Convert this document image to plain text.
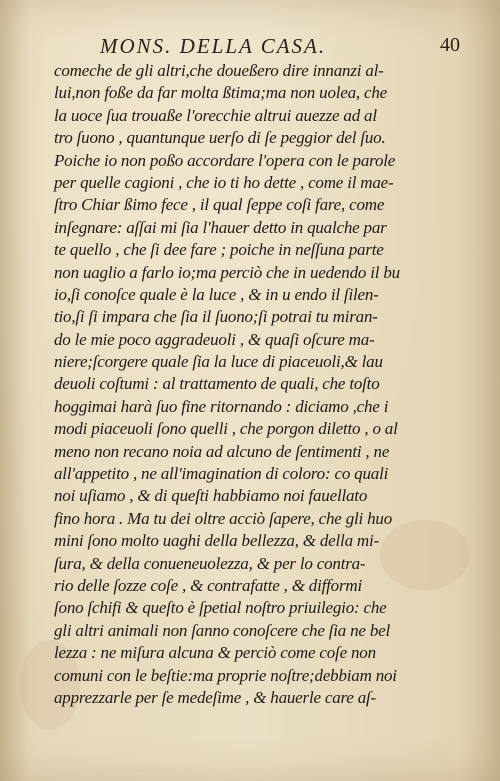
MONS. DELLA CASA.	40
comeche de gli altri,che doueßero dire innanzi al-
lui,non foße da far molta ßtima;ma non uolea, che
la uoce ſua trouaße l'orecchie altrui auezze ad al
tro ſuono , quantunque uerſo di ſe peggior del ſuo.
Poiche io non poßo accordare l'opera con le parole
per quelle cagioni , che io ti ho dette , come il mae-
ſtro Chiar ßimo fece , il qual ſeppe coſi fare, come
inſegnare: aſſai mi ſia l'hauer detto in qualche par
te quello , che ſi dee fare ; poiche in neſſuna parte
non uaglio a farlo io;ma perciò che in uedendo il bu
io,ſi conoſce quale è la luce , & in u endo il ſilen-
tio,ſi ſi impara che ſia il ſuono;ſi potrai tu miran-
do le mie poco aggradeuoli , & quaſi oſcure ma-
niere;ſcorgere quale ſia la luce di piaceuoli,& lau
deuoli coſtumi : al trattamento de quali, che toſto
hoggimai harà ſuo fine ritornando : diciamo ,che i
modi piaceuoli ſono quelli , che porgon diletto , o al
meno non recano noia ad alcuno de ſentimenti , ne
all'appetito , ne all'imagination di coloro: co quali
noi uſiamo , & di queſti habbiamo noi fauellato
fino hora . Ma tu dei oltre acciò ſapere, che gli huo
mini ſono molto uaghi della bellezza, & della mi-
ſura, & della conueneuolezza, & per lo contra-
rio delle ſozze coſe , & contrafatte , & difformi
ſono ſchifi & queſto è ſpetial noſtro priuilegio: che
gli altri animali non ſanno conoſcere che ſia ne bel
lezza : ne miſura alcuna & perciò come coſe non
comuni con le beſtie:ma proprie noſtre;debbiam noi
apprezzarle per ſe medeſime , & hauerle care aſ-
